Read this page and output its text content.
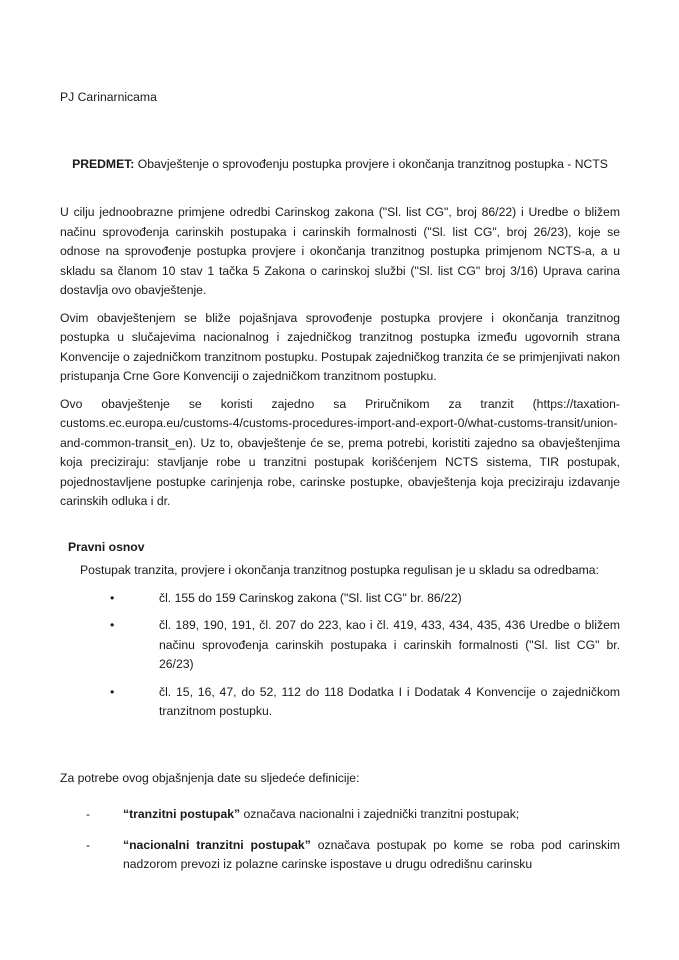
PJ Carinarnicama

PREDMET: Obavještenje o sprovođenju postupka provjere i okončanja tranzitnog postupka - NCTS

U cilju jednoobrazne primjene odredbi Carinskog zakona ("Sl. list CG", broj 86/22) i Uredbe o bližem načinu sprovođenja carinskih postupaka i carinskih formalnosti ("Sl. list CG", broj 26/23), koje se odnose na sprovođenje postupka provjere i okončanja tranzitnog postupka primjenom NCTS-a, a u skladu sa članom 10 stav 1 tačka 5 Zakona o carinskoj službi ("Sl. list CG" broj 3/16) Uprava carina dostavlja ovo obavještenje.

Ovim obavještenjem se bliže pojašnjava sprovođenje postupka provjere i okončanja tranzitnog postupka u slučajevima nacionalnog i zajedničkog tranzitnog postupka između ugovornih strana Konvencije o zajedničkom tranzitnom postupku. Postupak zajedničkog tranzita će se primjenjivati nakon pristupanja Crne Gore Konvenciji o zajedničkom tranzitnom postupku.

Ovo obavještenje se koristi zajedno sa Priručnikom za tranzit (https://taxation-customs.ec.europa.eu/customs-4/customs-procedures-import-and-export-0/what-customs-transit/union-and-common-transit_en). Uz to, obavještenje će se, prema potrebi, koristiti zajedno sa obavještenjima koja preciziraju: stavljanje robe u tranzitni postupak korišćenjem NCTS sistema, TIR postupak, pojednostavljene postupke carinjenja robe, carinske postupke, obavještenja koja preciziraju izdavanje carinskih odluka i dr.

Pravni osnov

Postupak tranzita, provjere i okončanja tranzitnog postupka regulisan je u skladu sa odredbama:

• čl. 155 do 159 Carinskog zakona ("Sl. list CG" br. 86/22)
• čl. 189, 190, 191, čl. 207 do 223, kao i čl. 419, 433, 434, 435, 436 Uredbe o bližem načinu sprovođenja carinskih postupaka i carinskih formalnosti ("Sl. list CG" br. 26/23)
• čl. 15, 16, 47, do 52, 112 do 118 Dodatka I i Dodatak 4 Konvencije o zajedničkom tranzitnom postupku.

Za potrebe ovog objašnjenja date su sljedeće definicije:

- “tranzitni postupak” označava nacionalni i zajednički tranzitni postupak;
- “nacionalni tranzitni postupak” označava postupak po kome se roba pod carinskim nadzorom prevozi iz polazne carinske ispostave u drugu odredišnu carinsku
